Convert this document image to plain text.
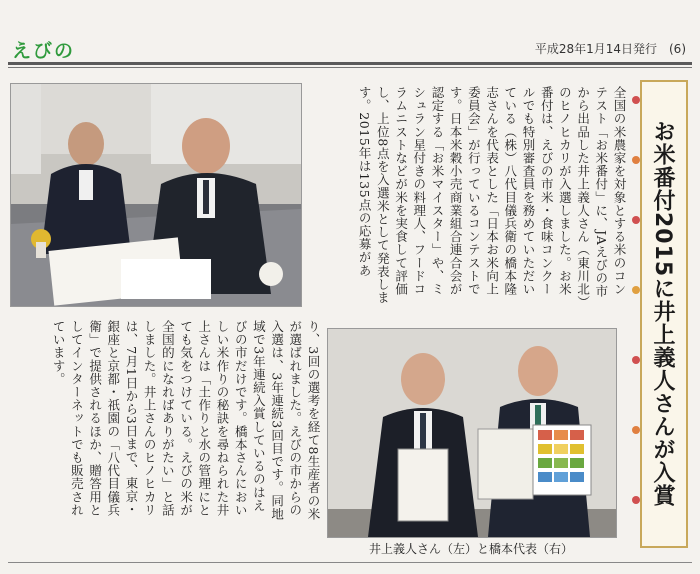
えびの	平成28年1月14日発行 (6)
全国の米農家を対象とする米のコンテスト「お米番付」に、JAえびの市から出品した井上義人さん（東川北）のヒノヒカリが入選しました。お米番付は、えびの市米・食味コンクールでも特別審査員を務めていただいている（株）八代目儀兵衛の橋本隆志さんを代表とした「日本お米向上委員会」が行っているコンテストです。日本米穀小売商業組合連合会が認定する「お米マイスター」や、ミシュラン星付きの料理人、フードコラムニストなどが米を実食して評価し、上位8点を入選米として発表します。2015年は135点の応募があ	お米番付2015に井上義人さんが入賞
り、3回の選考を経て8生産者の米が選ばれました。えびの市からの入選は、3年連続3回目です。同地域で3年連続入賞しているのはえびの市だけです。橋本さんにおいしい米作りの秘訣を尋ねられた井上さんは「土作りと水の管理にとても気をつけている。えびの米が全国的になればありがたい」と話しました。井上さんのヒノヒカリは、7月1日から3日まで、東京・銀座と京都・祇園の「八代目儀兵衛」で提供されるほか、贈答用としてインターネットでも販売されています。
井上義人さん（左）と橋本代表（右）
